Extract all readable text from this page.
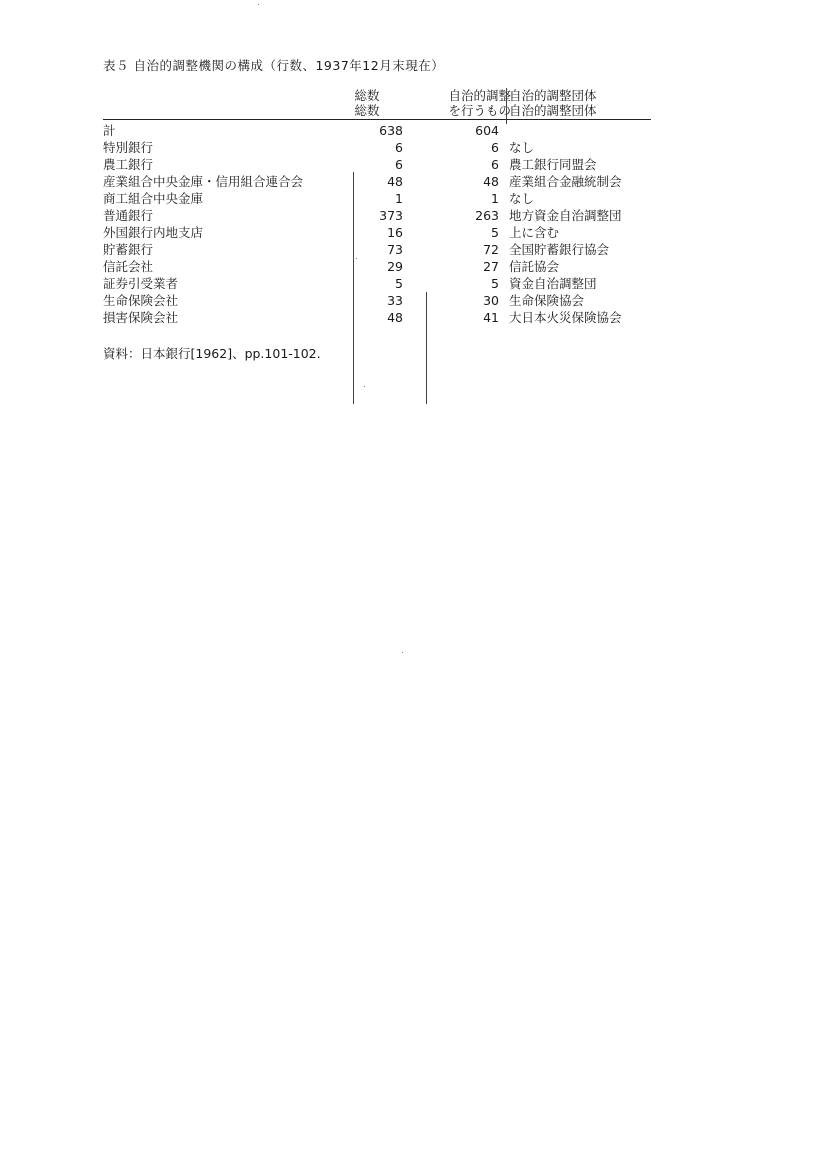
表５ 自治的調整機関の構成（行数、1937年12月末現在）
総数
総数
自治的調整
を行うもの
自治的調整団体
自治的調整団体
計	638	604
特別銀行	6	6 なし
農工銀行	6	6 農工銀行同盟会
産業組合中央金庫・信用組合連合会	48	48 産業組合金融統制会
商工組合中央金庫	1	1 なし
普通銀行	373	263 地方資金自治調整団
外国銀行内地支店	16	5 上に含む
貯蓄銀行	73	72 全国貯蓄銀行協会
信託会社	29	27 信託協会
証券引受業者	5	5 資金自治調整団
生命保険会社	33	30 生命保険協会
損害保険会社	48	41 大日本火災保険協会
資料：日本銀行[1962]、pp.101-102.
